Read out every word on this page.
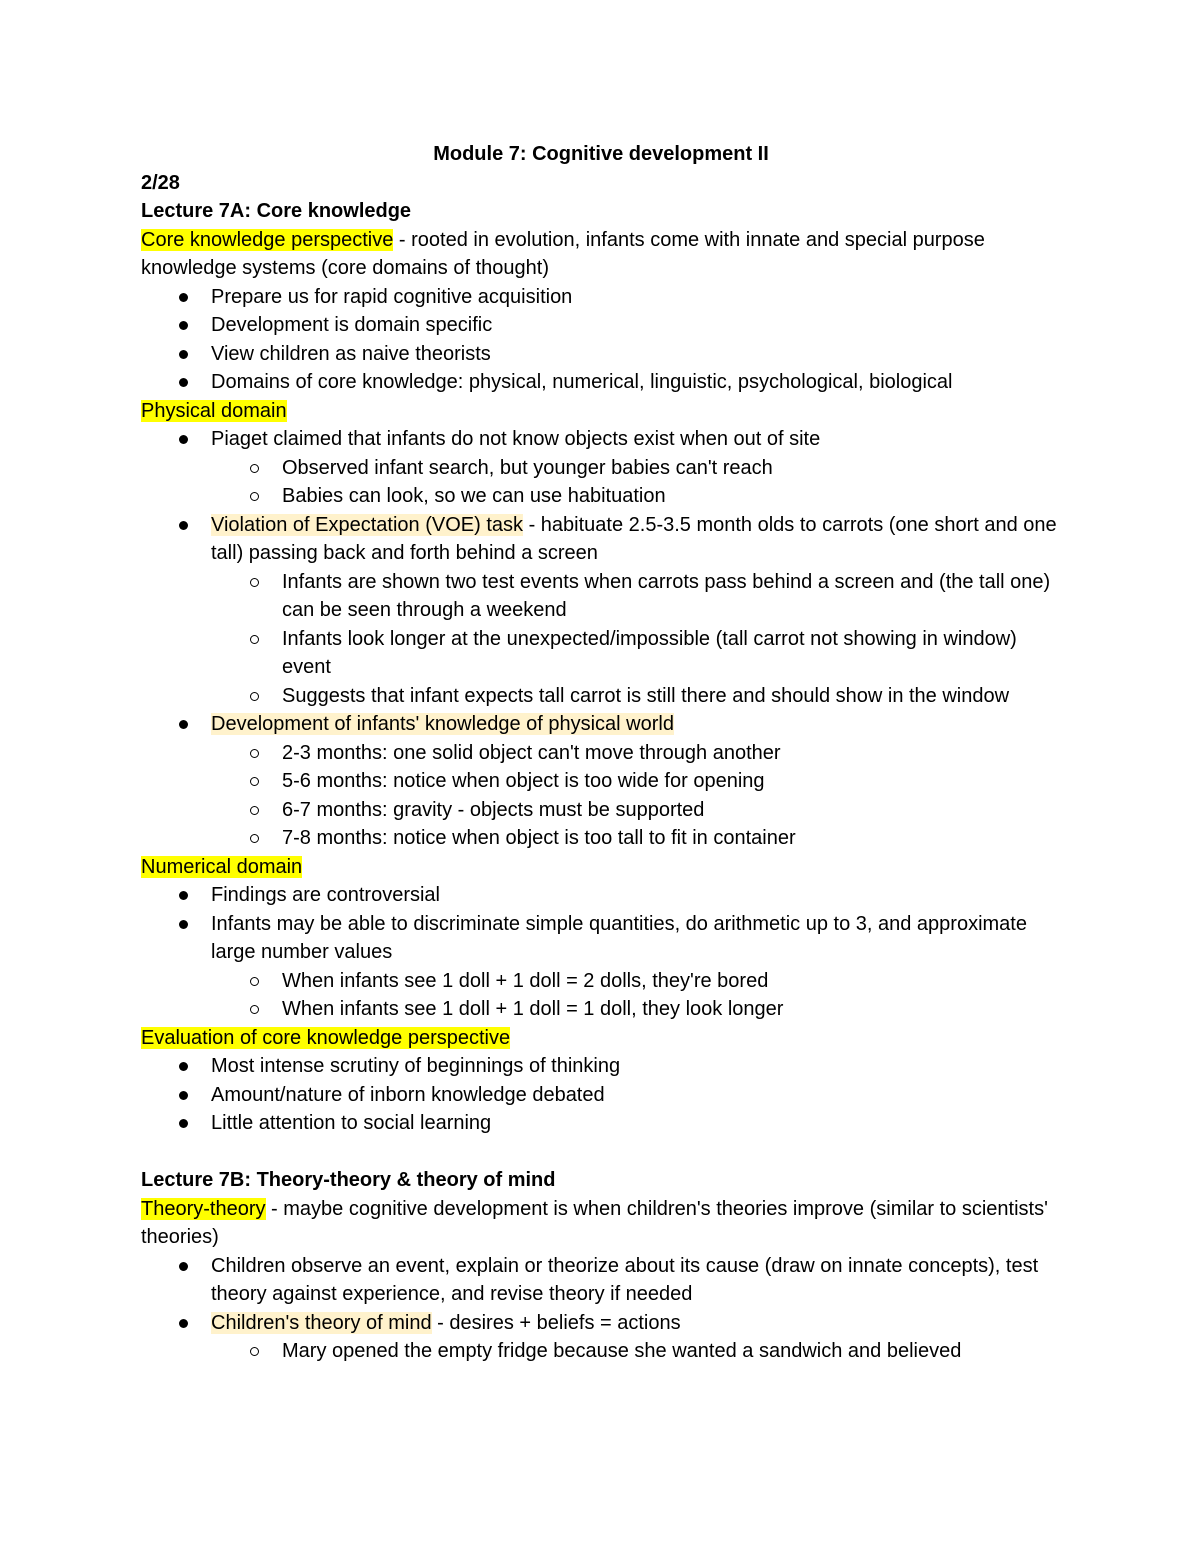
Module 7: Cognitive development II
2/28
Lecture 7A: Core knowledge
Core knowledge perspective - rooted in evolution, infants come with innate and special purpose knowledge systems (core domains of thought)
Prepare us for rapid cognitive acquisition
Development is domain specific
View children as naive theorists
Domains of core knowledge: physical, numerical, linguistic, psychological, biological
Physical domain
Piaget claimed that infants do not know objects exist when out of site
Observed infant search, but younger babies can't reach
Babies can look, so we can use habituation
Violation of Expectation (VOE) task - habituate 2.5-3.5 month olds to carrots (one short and one tall) passing back and forth behind a screen
Infants are shown two test events when carrots pass behind a screen and (the tall one) can be seen through a weekend
Infants look longer at the unexpected/impossible (tall carrot not showing in window) event
Suggests that infant expects tall carrot is still there and should show in the window
Development of infants' knowledge of physical world
2-3 months: one solid object can't move through another
5-6 months: notice when object is too wide for opening
6-7 months: gravity - objects must be supported
7-8 months: notice when object is too tall to fit in container
Numerical domain
Findings are controversial
Infants may be able to discriminate simple quantities, do arithmetic up to 3, and approximate large number values
When infants see 1 doll + 1 doll = 2 dolls, they're bored
When infants see 1 doll + 1 doll = 1 doll, they look longer
Evaluation of core knowledge perspective
Most intense scrutiny of beginnings of thinking
Amount/nature of inborn knowledge debated
Little attention to social learning
Lecture 7B: Theory-theory & theory of mind
Theory-theory - maybe cognitive development is when children's theories improve (similar to scientists' theories)
Children observe an event, explain or theorize about its cause (draw on innate concepts), test theory against experience, and revise theory if needed
Children's theory of mind - desires + beliefs = actions
Mary opened the empty fridge because she wanted a sandwich and believed
